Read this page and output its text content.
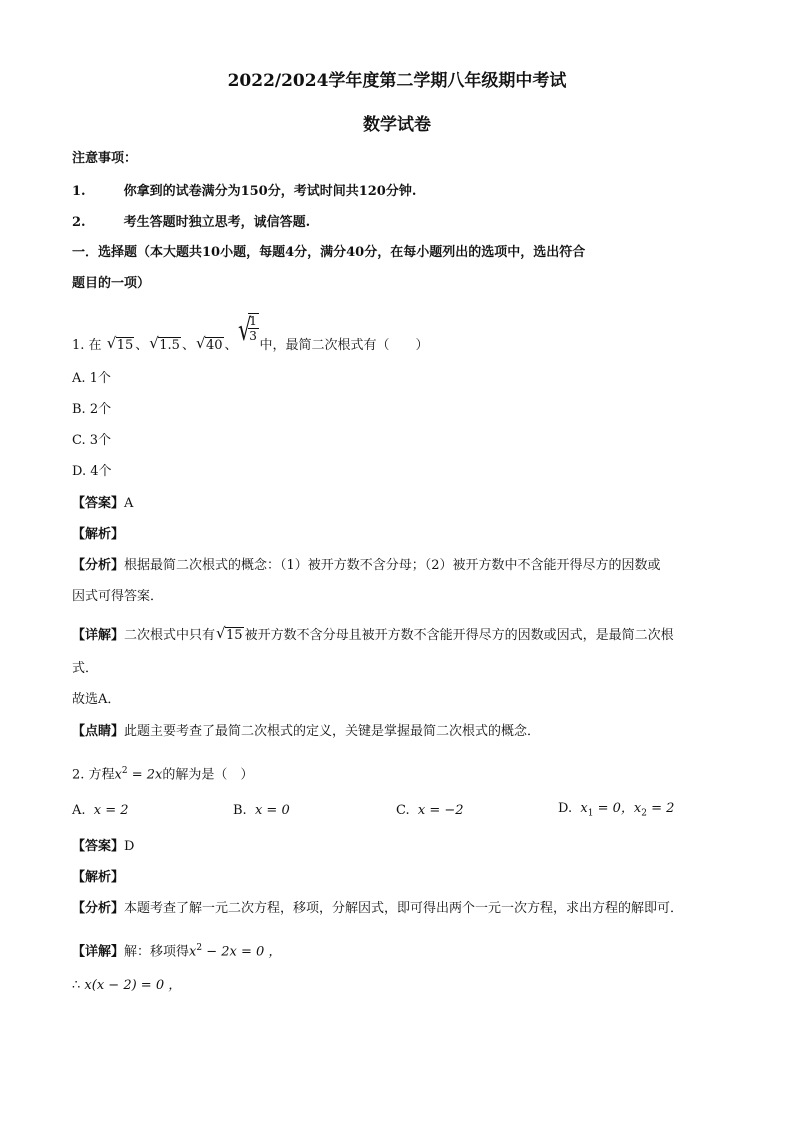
2022/2024学年度第二学期八年级期中考试
数学试卷
注意事项：
1.	你拿到的试卷满分为150分，考试时间共120分钟.
2.	考生答题时独立思考，诚信答题.
一．选择题（本大题共10小题，每题4分，满分40分，在每小题列出的选项中，选出符合
题目的一项）
1. 在 √ 15 、 √ 1.5 、 √ 40 、 √
$\frac{1}{3}$
中，最简二次根式有（　　）
A. 1个
B. 2个
C. 3个
D. 4个
【答案】A
【解析】
【分析】根据最简二次根式的概念：（1）被开方数不含分母；（2）被开方数中不含能开得尽方的因数或
因式可得答案．
【详解】二次根式中只有 √ 15 被开方数不含分母且被开方数不含能开得尽方的因数或因式，是最简二次根
式．
故选A．
【点睛】此题主要考查了最简二次根式的定义，关键是掌握最简二次根式的概念．
2. 方程$x^2 = 2x$的解为是（　）
A. x = 2	B. x = 0	C. x = −2	D. $x_1 = 0$，$x_2 = 2$
【答案】D
【解析】
【分析】本题考查了解一元二次方程，移项，分解因式，即可得出两个一元一次方程，求出方程的解即可．
【详解】解：移项得$x^2 - 2x = 0$ ，
∴ x(x − 2) = 0 ，
